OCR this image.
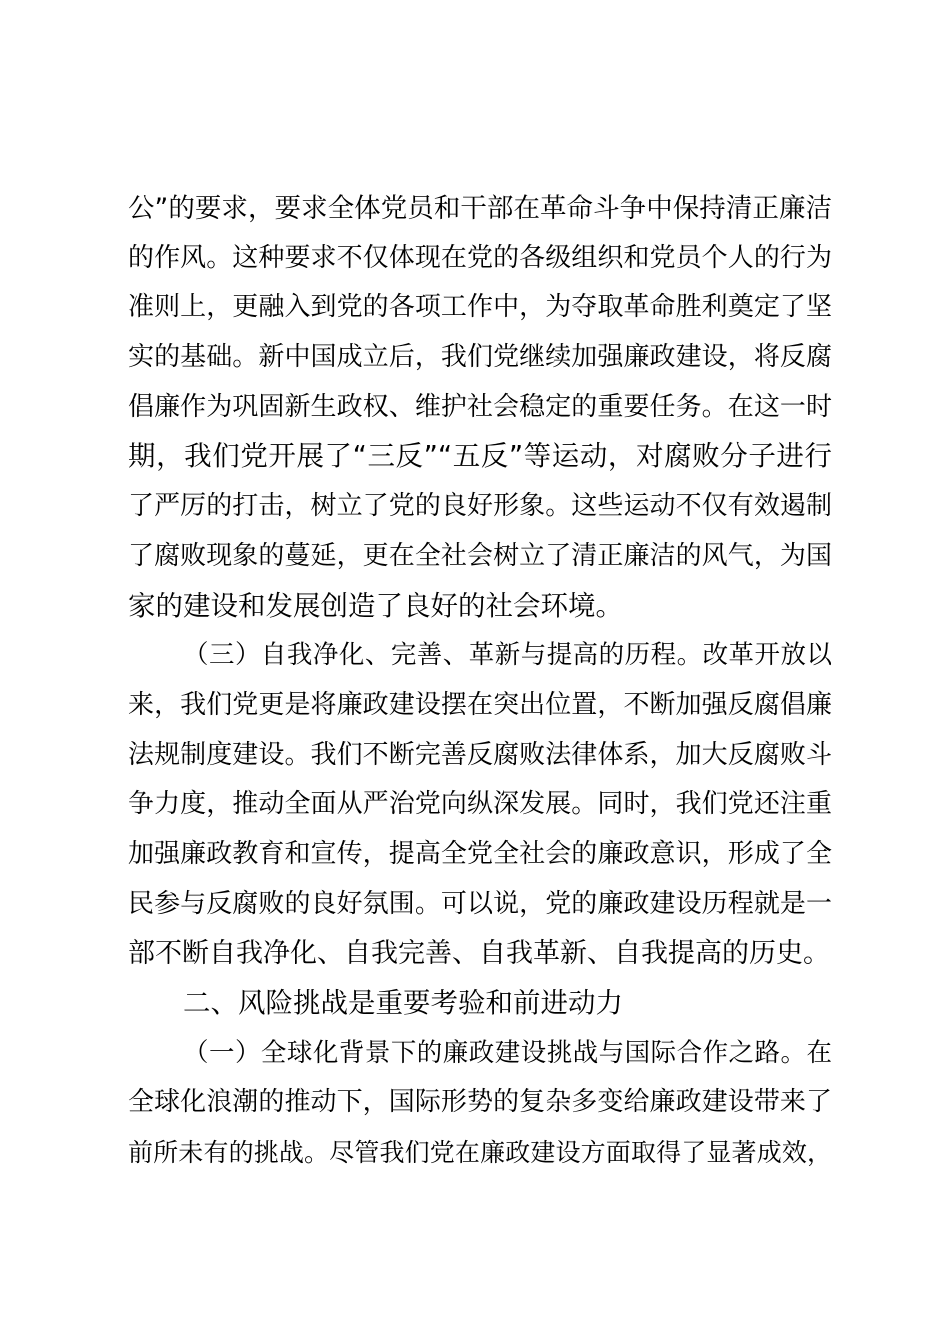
公”的要求，要求全体党员和干部在革命斗争中保持清正廉洁
的作风。这种要求不仅体现在党的各级组织和党员个人的行为
准则上，更融入到党的各项工作中，为夺取革命胜利奠定了坚
实的基础。新中国成立后，我们党继续加强廉政建设，将反腐
倡廉作为巩固新生政权、维护社会稳定的重要任务。在这一时
期，我们党开展了“三反”“五反”等运动，对腐败分子进行
了严厉的打击，树立了党的良好形象。这些运动不仅有效遏制
了腐败现象的蔓延，更在全社会树立了清正廉洁的风气，为国
家的建设和发展创造了良好的社会环境。
（三）自我净化、完善、革新与提高的历程。改革开放以
来，我们党更是将廉政建设摆在突出位置，不断加强反腐倡廉
法规制度建设。我们不断完善反腐败法律体系，加大反腐败斗
争力度，推动全面从严治党向纵深发展。同时，我们党还注重
加强廉政教育和宣传，提高全党全社会的廉政意识，形成了全
民参与反腐败的良好氛围。可以说，党的廉政建设历程就是一
部不断自我净化、自我完善、自我革新、自我提高的历史。
二、风险挑战是重要考验和前进动力
（一）全球化背景下的廉政建设挑战与国际合作之路。在
全球化浪潮的推动下，国际形势的复杂多变给廉政建设带来了
前所未有的挑战。尽管我们党在廉政建设方面取得了显著成效，
